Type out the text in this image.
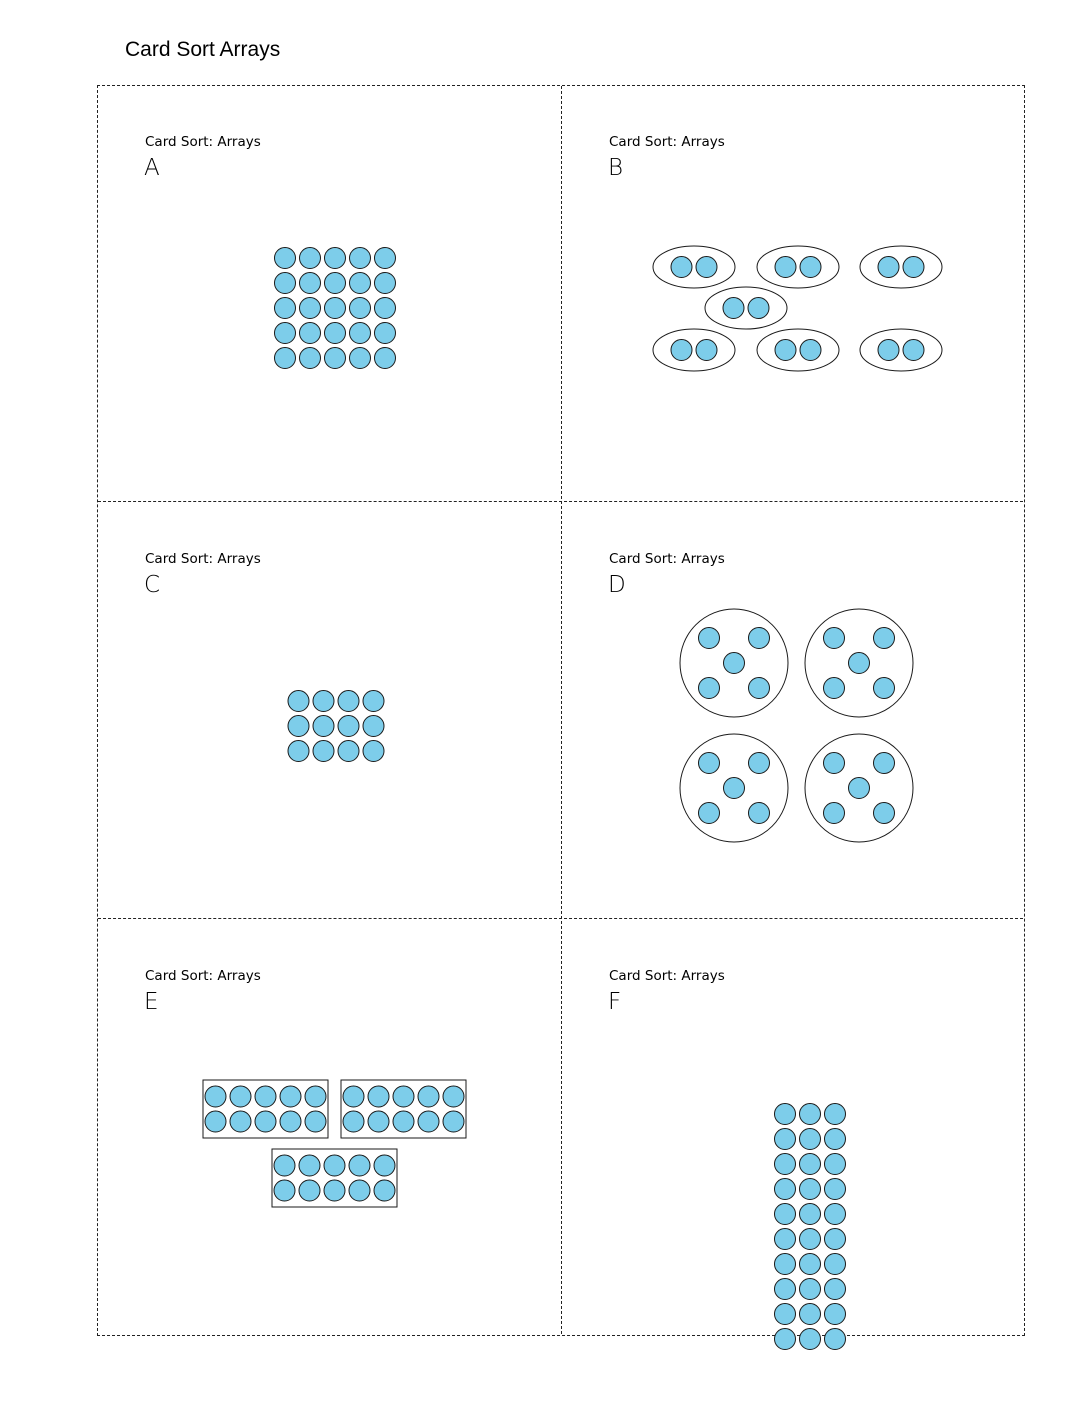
Card Sort Arrays
Card Sort: Arrays
A
Card Sort: Arrays
B
Card Sort: Arrays
C
Card Sort: Arrays
D
Card Sort: Arrays
E
Card Sort: Arrays
F
